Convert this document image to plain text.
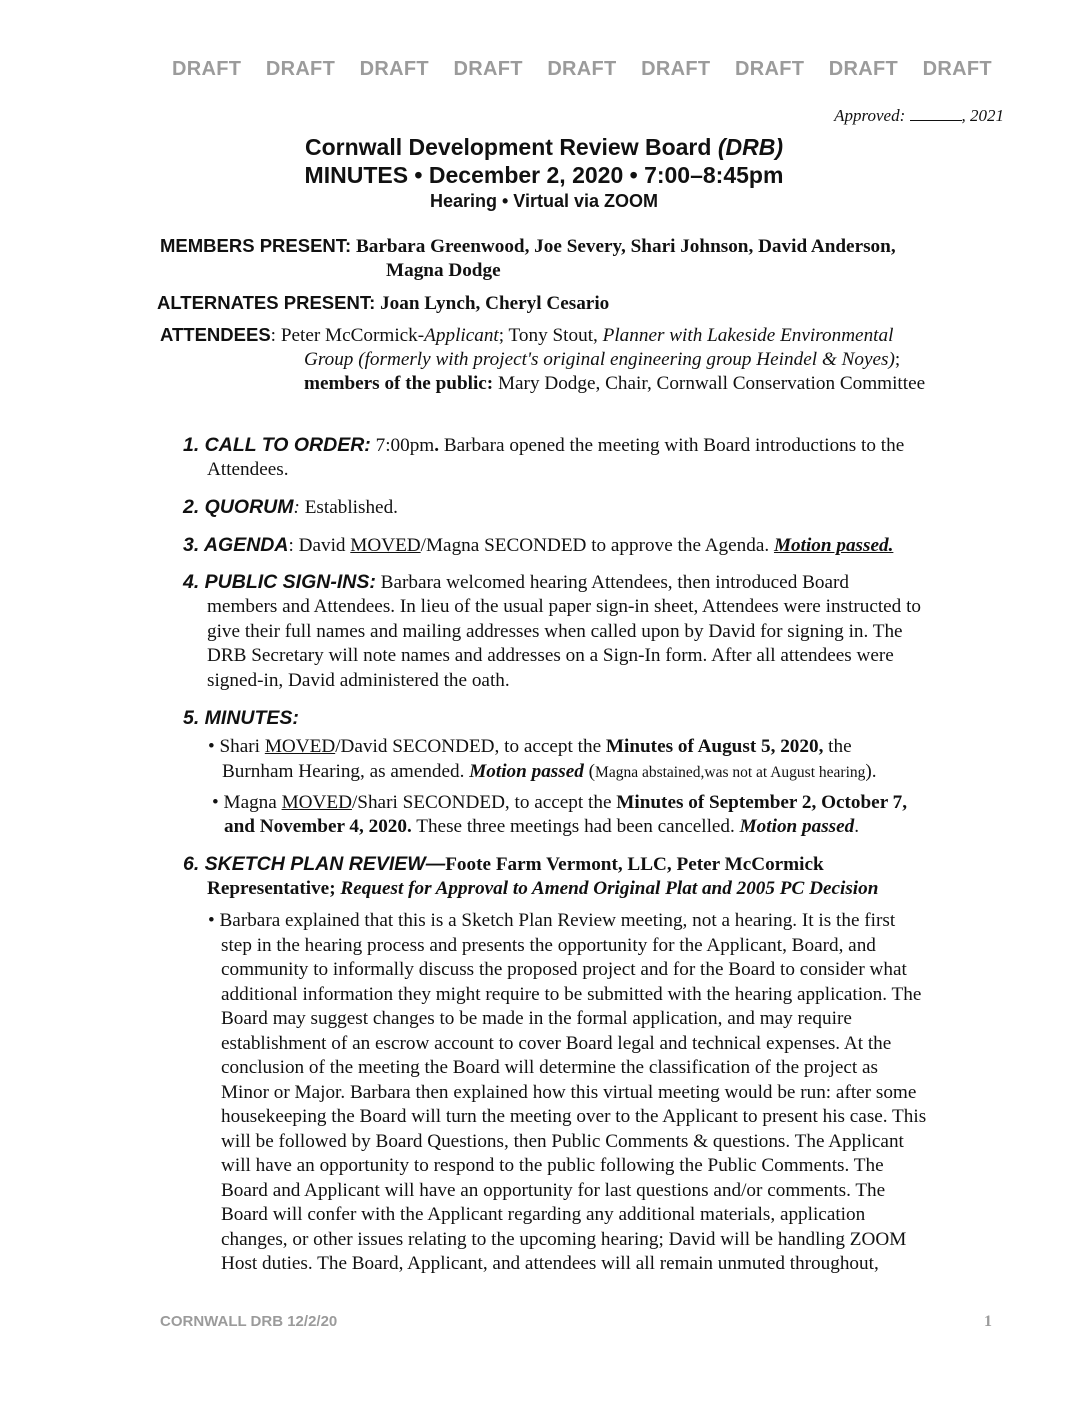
DRAFT DRAFT DRAFT DRAFT DRAFT DRAFT DRAFT DRAFT DRAFT
Approved:	, 2021
Cornwall Development Review Board (DRB)
MINUTES • December 2, 2020 • 7:00–8:45pm
Hearing • Virtual via ZOOM
MEMBERS PRESENT: Barbara Greenwood, Joe Severy, Shari Johnson, David Anderson,
Magna Dodge
ALTERNATES PRESENT: Joan Lynch, Cheryl Cesario
ATTENDEES: Peter McCormick-Applicant; Tony Stout, Planner with Lakeside Environmental
Group (formerly with project's original engineering group Heindel & Noyes);
members of the public: Mary Dodge, Chair, Cornwall Conservation Committee
1. CALL TO ORDER: 7:00pm. Barbara opened the meeting with Board introductions to the
Attendees.
2. QUORUM: Established.
3. AGENDA: David MOVED/Magna SECONDED to approve the Agenda. Motion passed.
4. PUBLIC SIGN-INS: Barbara welcomed hearing Attendees, then introduced Board
members and Attendees. In lieu of the usual paper sign-in sheet, Attendees were instructed to
give their full names and mailing addresses when called upon by David for signing in. The
DRB Secretary will note names and addresses on a Sign-In form. After all attendees were
signed-in, David administered the oath.
5. MINUTES:
• Shari MOVED/David SECONDED, to accept the Minutes of August 5, 2020, the
Burnham Hearing, as amended. Motion passed (Magna abstained,was not at August hearing).
• Magna MOVED/Shari SECONDED, to accept the Minutes of September 2, October 7,
and November 4, 2020. These three meetings had been cancelled. Motion passed.
6. SKETCH PLAN REVIEW—Foote Farm Vermont, LLC, Peter McCormick
Representative; Request for Approval to Amend Original Plat and 2005 PC Decision
• Barbara explained that this is a Sketch Plan Review meeting, not a hearing. It is the first
step in the hearing process and presents the opportunity for the Applicant, Board, and
community to informally discuss the proposed project and for the Board to consider what
additional information they might require to be submitted with the hearing application. The
Board may suggest changes to be made in the formal application, and may require
establishment of an escrow account to cover Board legal and technical expenses. At the
conclusion of the meeting the Board will determine the classification of the project as
Minor or Major. Barbara then explained how this virtual meeting would be run: after some
housekeeping the Board will turn the meeting over to the Applicant to present his case. This
will be followed by Board Questions, then Public Comments & questions. The Applicant
will have an opportunity to respond to the public following the Public Comments. The
Board and Applicant will have an opportunity for last questions and/or comments. The
Board will confer with the Applicant regarding any additional materials, application
changes, or other issues relating to the upcoming hearing; David will be handling ZOOM
Host duties. The Board, Applicant, and attendees will all remain unmuted throughout,
CORNWALL DRB 12/2/20	1
